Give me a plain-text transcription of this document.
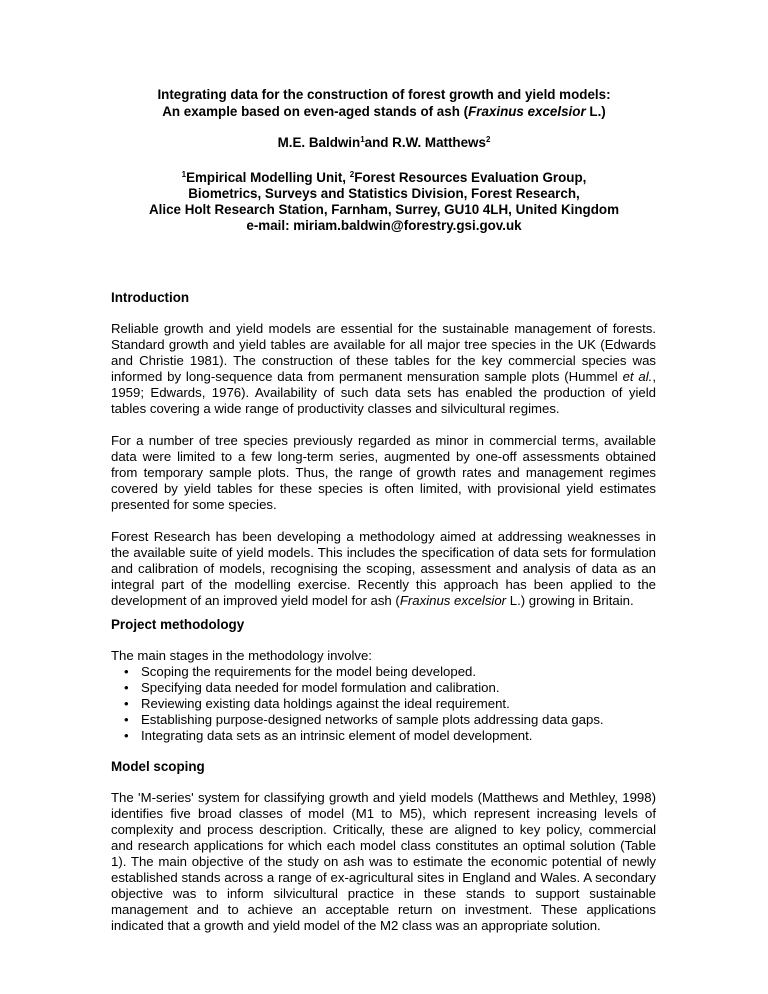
Integrating data for the construction of forest growth and yield models:
An example based on even-aged stands of ash (Fraxinus excelsior L.)
M.E. Baldwin$^1$and R.W. Matthews$^2$
$^1$Empirical Modelling Unit, $^2$Forest Resources Evaluation Group,
Biometrics, Surveys and Statistics Division, Forest Research,
Alice Holt Research Station, Farnham, Surrey, GU10 4LH, United Kingdom
e-mail: miriam.baldwin@forestry.gsi.gov.uk
Introduction

Reliable growth and yield models are essential for the sustainable management of forests. Standard growth and yield tables are available for all major tree species in the UK (Edwards and Christie 1981). The construction of these tables for the key commercial species was informed by long-sequence data from permanent mensuration sample plots (Hummel et al., 1959; Edwards, 1976). Availability of such data sets has enabled the production of yield tables covering a wide range of productivity classes and silvicultural regimes.

For a number of tree species previously regarded as minor in commercial terms, available data were limited to a few long-term series, augmented by one-off assessments obtained from temporary sample plots. Thus, the range of growth rates and management regimes covered by yield tables for these species is often limited, with provisional yield estimates presented for some species.

Forest Research has been developing a methodology aimed at addressing weaknesses in the available suite of yield models. This includes the specification of data sets for formulation and calibration of models, recognising the scoping, assessment and analysis of data as an integral part of the modelling exercise. Recently this approach has been applied to the development of an improved yield model for ash (Fraxinus excelsior L.) growing in Britain.

Project methodology

The main stages in the methodology involve:

• Scoping the requirements for the model being developed.
• Specifying data needed for model formulation and calibration.
• Reviewing existing data holdings against the ideal requirement.
• Establishing purpose-designed networks of sample plots addressing data gaps.
• Integrating data sets as an intrinsic element of model development.
Model scoping

The 'M-series' system for classifying growth and yield models (Matthews and Methley, 1998) identifies five broad classes of model (M1 to M5), which represent increasing levels of complexity and process description. Critically, these are aligned to key policy, commercial and research applications for which each model class constitutes an optimal solution (Table 1). The main objective of the study on ash was to estimate the economic potential of newly established stands across a range of ex-agricultural sites in England and Wales. A secondary objective was to inform silvicultural practice in these stands to support sustainable management and to achieve an acceptable return on investment. These applications indicated that a growth and yield model of the M2 class was an appropriate solution.
